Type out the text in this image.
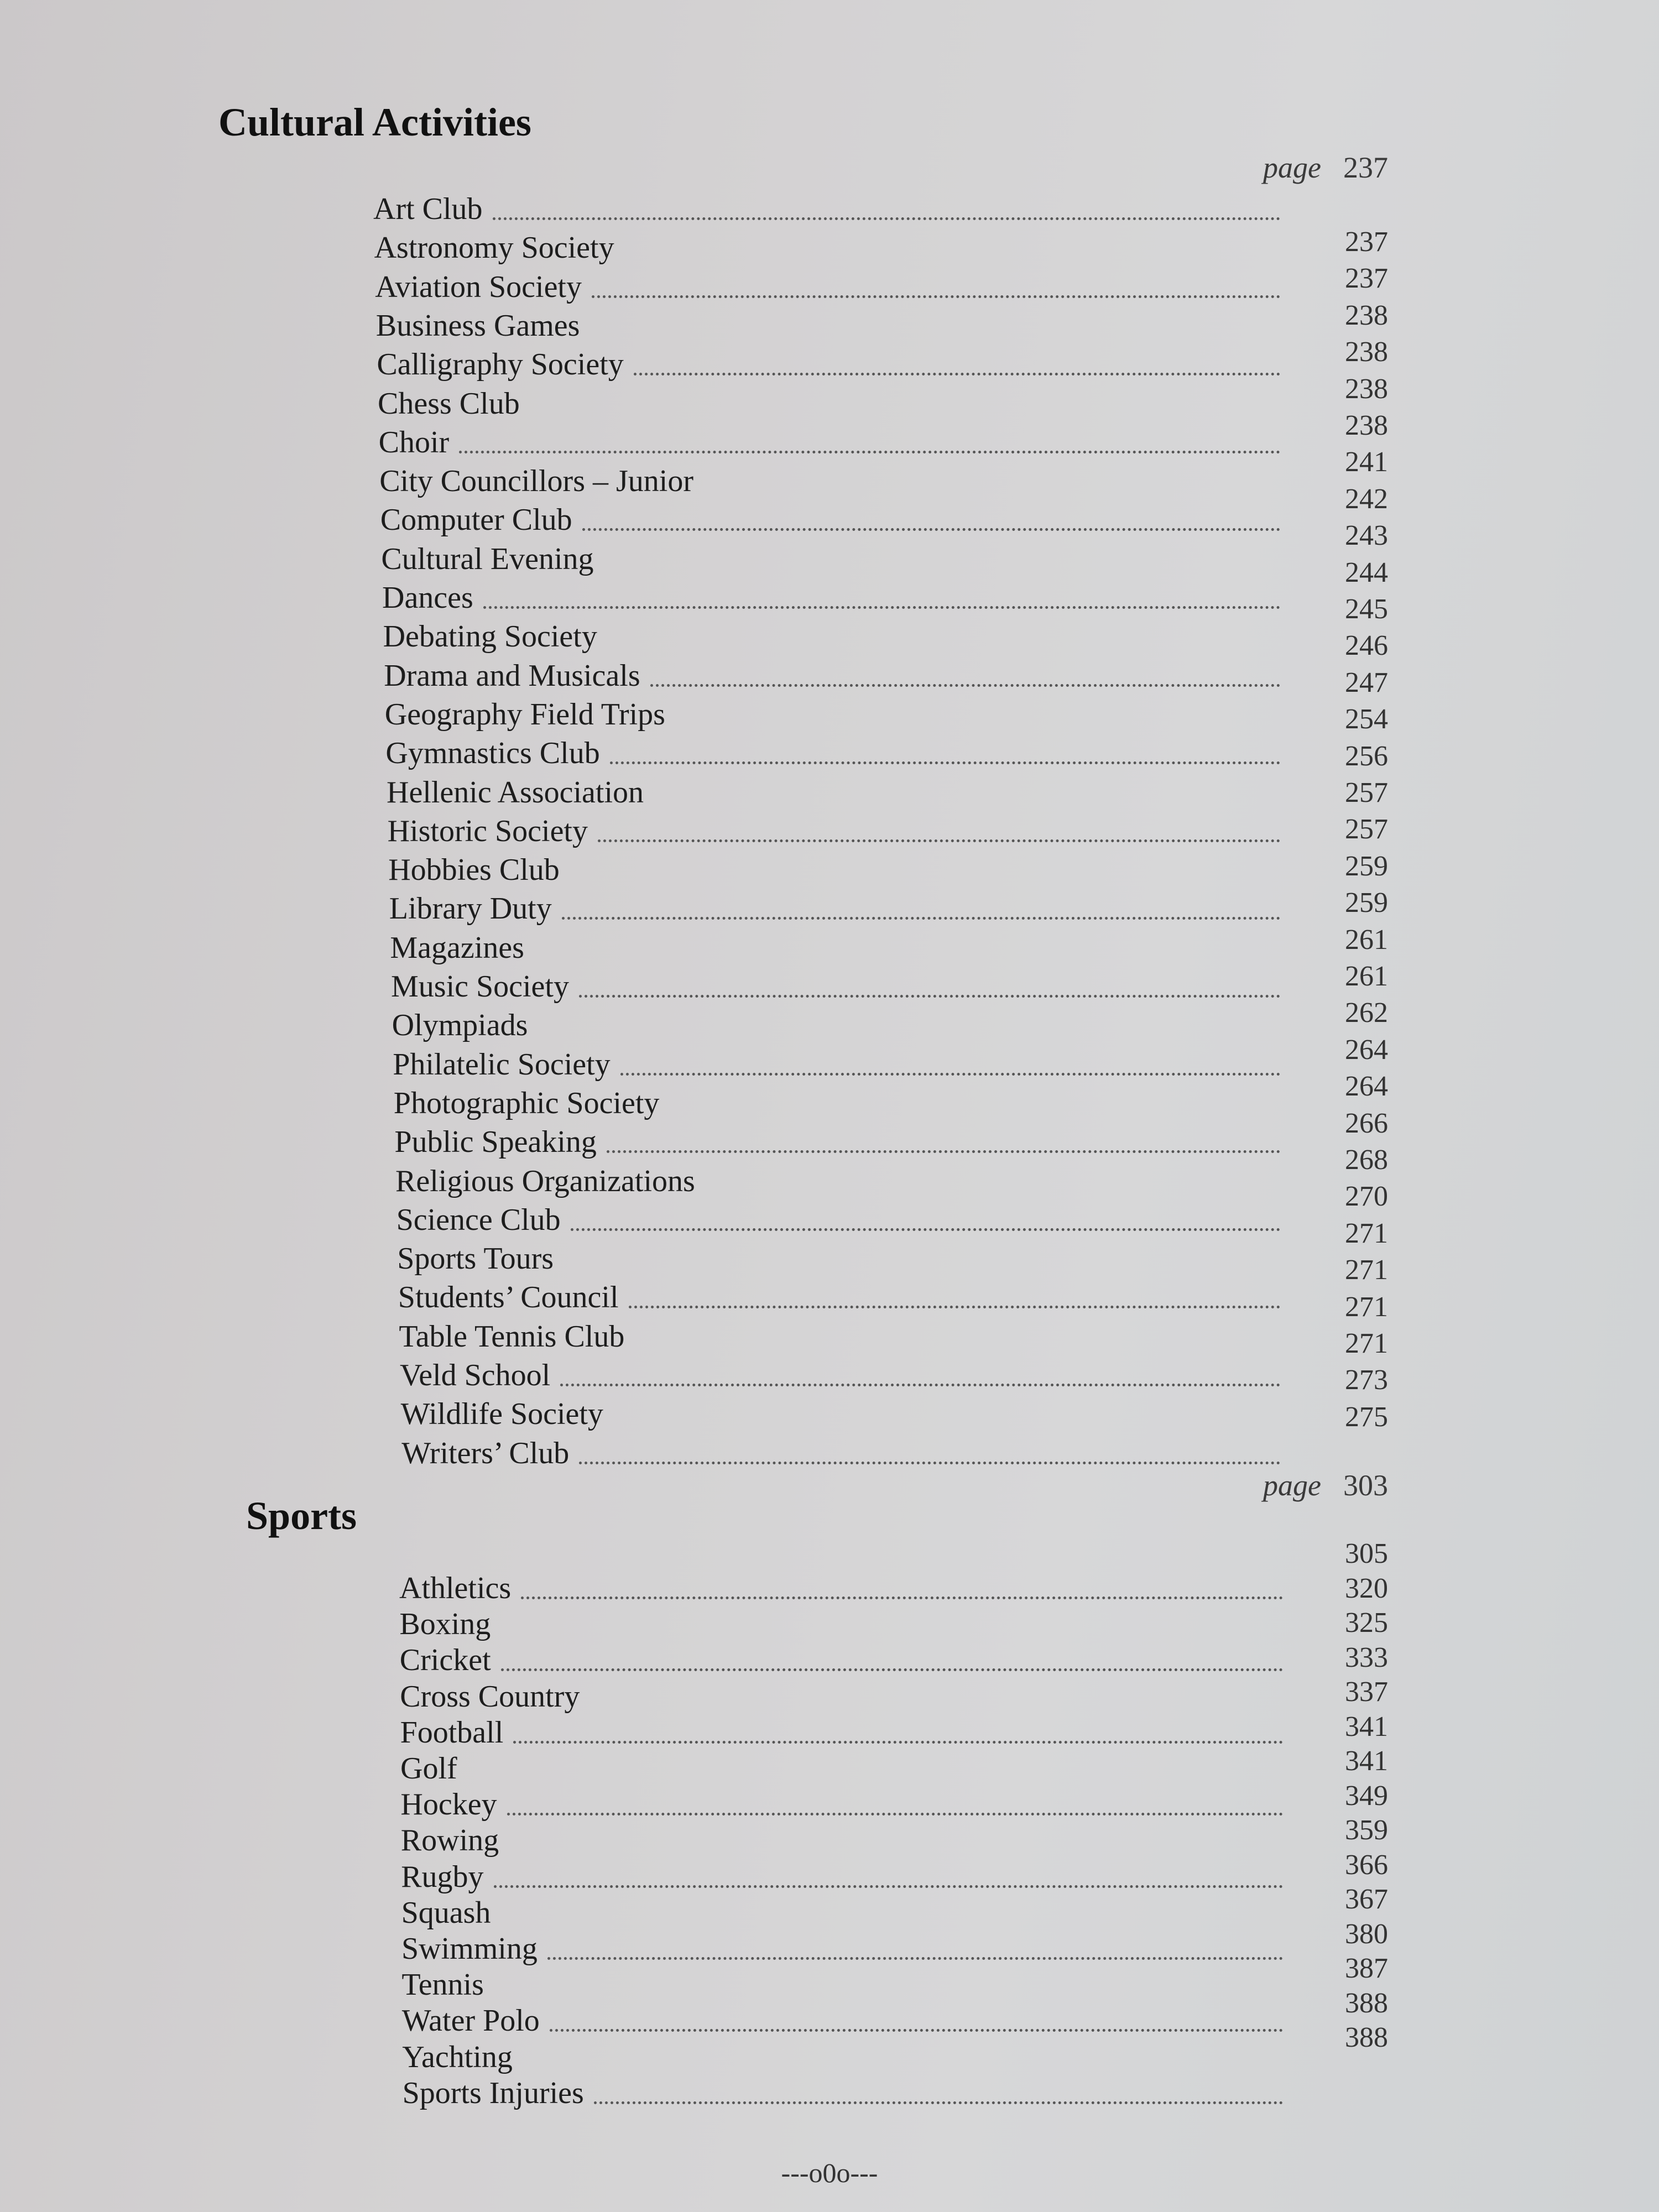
Cultural Activities
page 237
Art Club
Astronomy Society
Aviation Society
Business Games
Calligraphy Society
Chess Club
Choir
City Councillors – Junior
Computer Club
Cultural Evening
Dances
Debating Society
Drama and Musicals
Geography Field Trips
Gymnastics Club
Hellenic Association
Historic Society
Hobbies Club
Library Duty
Magazines
Music Society
Olympiads
Philatelic Society
Photographic Society
Public Speaking
Religious Organizations
Science Club
Sports Tours
Students’ Council
Table Tennis Club
Veld School
Wildlife Society
Writers’ Club
237
237
238
238
238
238
241
242
243
244
245
246
247
254
256
257
257
259
259
261
261
262
264
264
266
268
270
271
271
271
271
273
275
Sports
page 303
Athletics
Boxing
Cricket
Cross Country
Football
Golf
Hockey
Rowing
Rugby
Squash
Swimming
Tennis
Water Polo
Yachting
Sports Injuries
305
320
325
333
337
341
341
349
359
366
367
380
387
388
388
---o0o---
